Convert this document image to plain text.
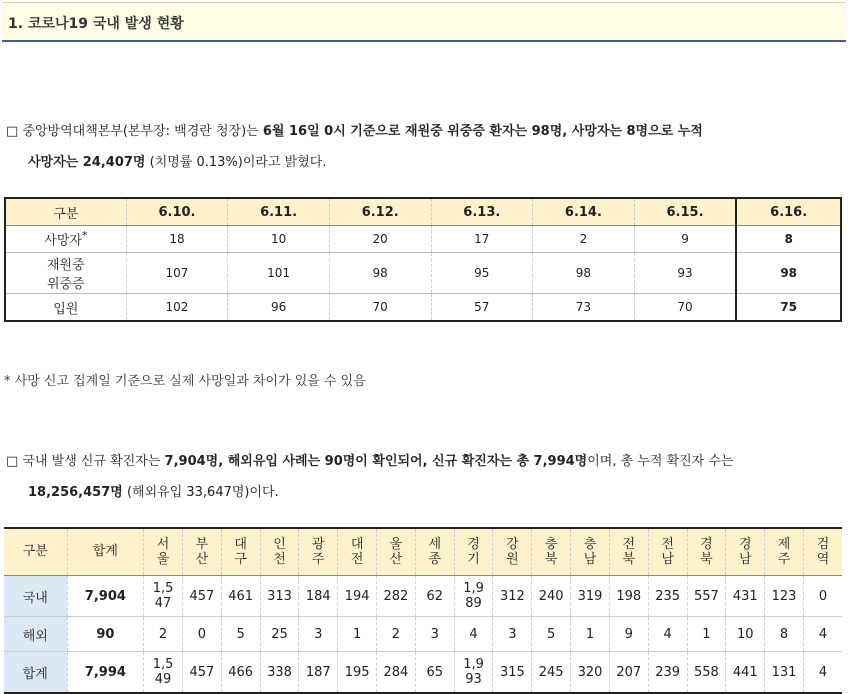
1. 코로나19 국내 발생 현황
□ 중앙방역대책본부(본부장: 백경란 청장)는 6월 16일 0시 기준으로 재원중 위중증 환자는 98명, 사망자는 8명으로 누적
사망자는 24,407명 (치명률 0.13%)이라고 밝혔다.
구분	6.10.	6.11.	6.12.	6.13.	6.14.	6.15.	6.16.
사망자*	18	10	20	17	2	9	8
재원중
위중증	107	101	98	95	98	93	98
입원	102	96	70	57	73	70	75
* 사망 신고 집계일 기준으로 실제 사망일과 차이가 있을 수 있음
□ 국내 발생 신규 확진자는 7,904명, 해외유입 사례는 90명이 확인되어, 신규 확진자는 총 7,994명이며, 총 누적 확진자 수는
18,256,457명 (해외유입 33,647명)이다.
구분	합계	서울	부산	대구	인천	광주	대전	울산	세종	경기	강원	충북	충남	전북	전남	경북	경남	제주	검역
국내	7,904	1,547	457	461	313	184	194	282	62	1,989	312	240	319	198	235	557	431	123	0
해외	90	2	0	5	25	3	1	2	3	4	3	5	1	9	4	1	10	8	4
합계	7,994	1,549	457	466	338	187	195	284	65	1,993	315	245	320	207	239	558	441	131	4
